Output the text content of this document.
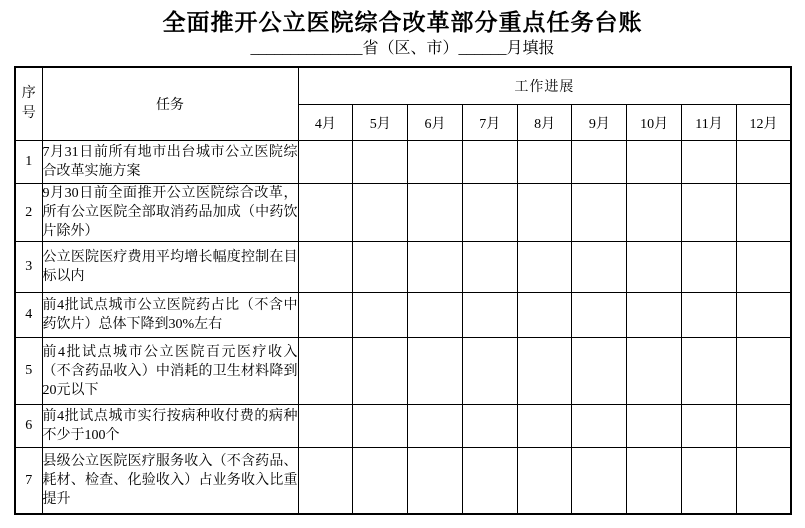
全面推开公立医院综合改革部分重点任务台账
______________省（区、市）______月填报
序号	任务	工作进展								
		4月	5月	6月	7月	8月	9月	10月	11月	12月
1	7月31日前所有地市出台城市公立医院综合改革实施方案									
2	9月30日前全面推开公立医院综合改革，所有公立医院全部取消药品加成（中药饮片除外）									
3	公立医院医疗费用平均增长幅度控制在目标以内									
4	前4批试点城市公立医院药占比（不含中药饮片）总体下降到30%左右									
5	前4批试点城市公立医院百元医疗收入（不含药品收入）中消耗的卫生材料降到20元以下									
6	前4批试点城市实行按病种收付费的病种不少于100个									
7	县级公立医院医疗服务收入（不含药品、耗材、检查、化验收入）占业务收入比重提升									
